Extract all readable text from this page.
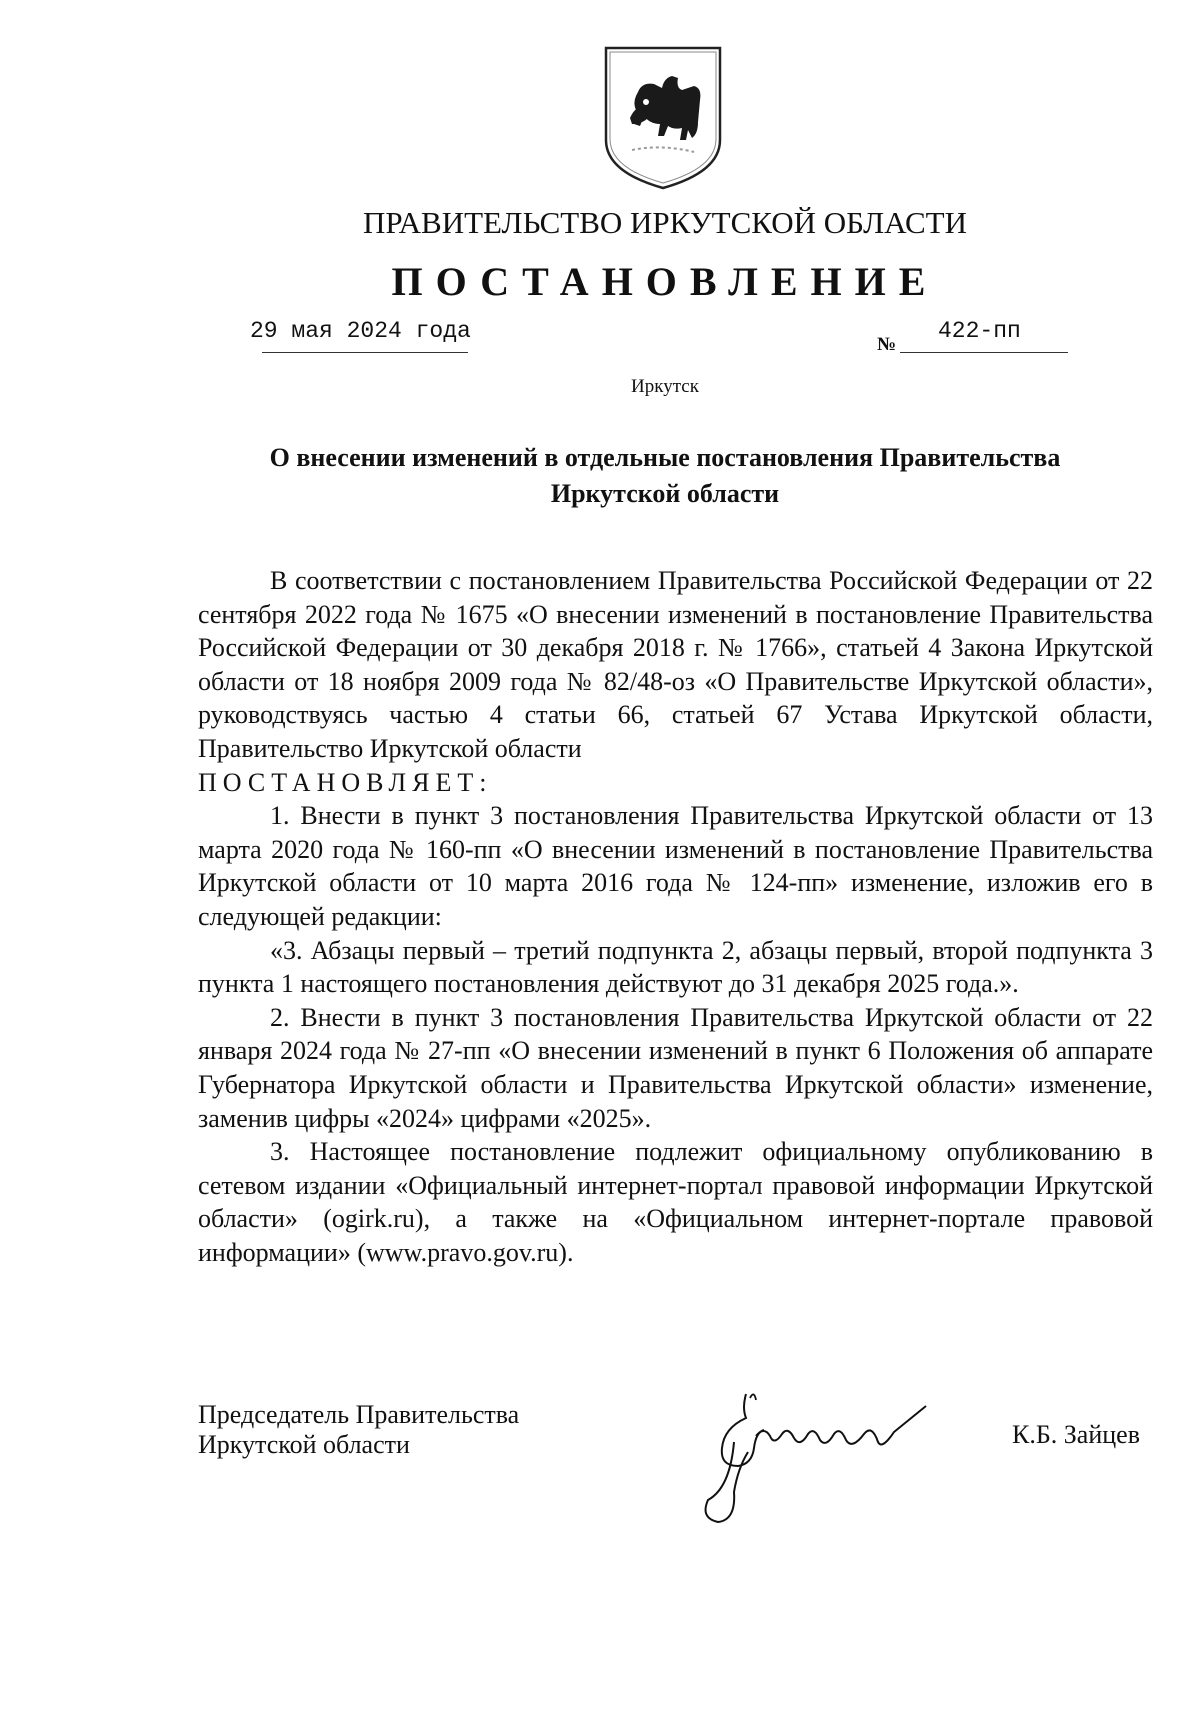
ПРАВИТЕЛЬСТВО ИРКУТСКОЙ ОБЛАСТИ
ПОСТАНОВЛЕНИЕ
29 мая 2024 года
№
422-пп
Иркутск
О внесении изменений в отдельные постановления Правительства
Иркутской области

В соответствии с постановлением Правительства Российской Федерации от 22 сентября 2022 года № 1675 «О внесении изменений в постановление Правительства Российской Федерации от 30 декабря 2018 г. № 1766», статьей 4 Закона Иркутской области от 18 ноября 2009 года № 82/48-оз «О Правительстве Иркутской области», руководствуясь частью 4 статьи 66, статьей 67 Устава Иркутской области, Правительство Иркутской области

ПОСТАНОВЛЯЕТ:

1. Внести в пункт 3 постановления Правительства Иркутской области от 13 марта 2020 года № 160-пп «О внесении изменений в постановление Правительства Иркутской области от 10 марта 2016 года № 124-пп» изменение, изложив его в следующей редакции:

«3. Абзацы первый – третий подпункта 2, абзацы первый, второй подпункта 3 пункта 1 настоящего постановления действуют до 31 декабря 2025 года.».

2. Внести в пункт 3 постановления Правительства Иркутской области от 22 января 2024 года № 27-пп «О внесении изменений в пункт 6 Положения об аппарате Губернатора Иркутской области и Правительства Иркутской области» изменение, заменив цифры «2024» цифрами «2025».

3. Настоящее постановление подлежит официальному опубликованию в сетевом издании «Официальный интернет-портал правовой информации Иркутской области» (ogirk.ru), а также на «Официальном интернет-портале правовой информации» (www.pravo.gov.ru).

Председатель Правительства
Иркутской области	К.Б. Зайцев
